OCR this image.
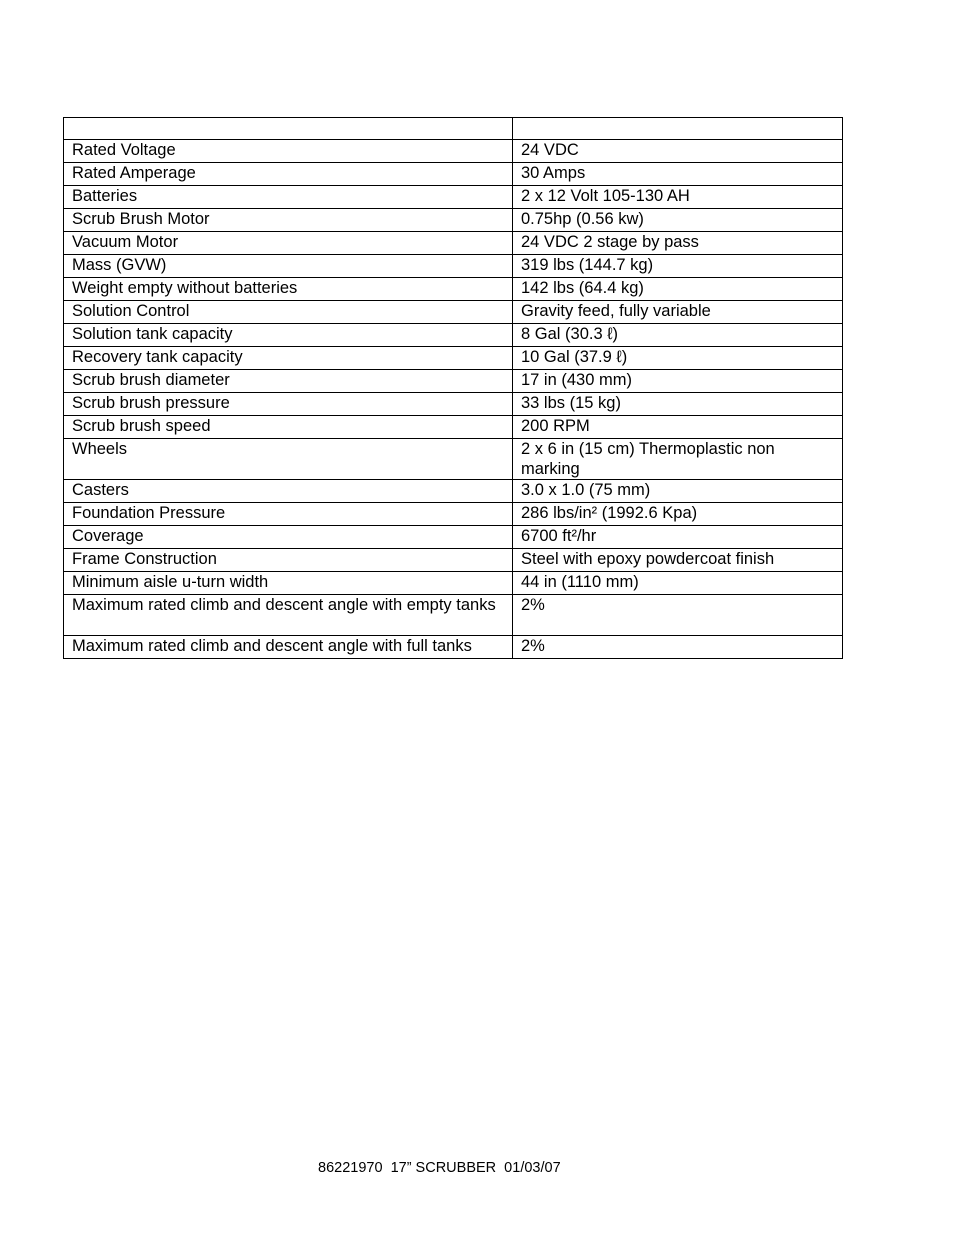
Rated Voltage	24 VDC
Rated Amperage	30 Amps
Batteries	2 x 12 Volt 105-130 AH
Scrub Brush Motor	0.75hp (0.56 kw)
Vacuum Motor	24 VDC 2 stage by pass
Mass (GVW)	319 lbs (144.7 kg)
Weight empty without batteries	142 lbs (64.4 kg)
Solution Control	Gravity feed, fully variable
Solution tank capacity	8 Gal (30.3 ℓ)
Recovery tank capacity	10 Gal (37.9 ℓ)
Scrub brush diameter	17 in (430 mm)
Scrub brush pressure	33 lbs (15 kg)
Scrub brush speed	200 RPM
Wheels	2 x 6 in (15 cm) Thermoplastic non marking
Casters	3.0 x 1.0 (75 mm)
Foundation Pressure	286 lbs/in² (1992.6 Kpa)
Coverage	6700 ft²/hr
Frame Construction	Steel with epoxy powdercoat finish
Minimum aisle u-turn width	44 in (1110 mm)
Maximum rated climb and descent angle with empty tanks	2%
Maximum rated climb and descent angle with full tanks	2%
86221970  17” SCRUBBER  01/03/07
